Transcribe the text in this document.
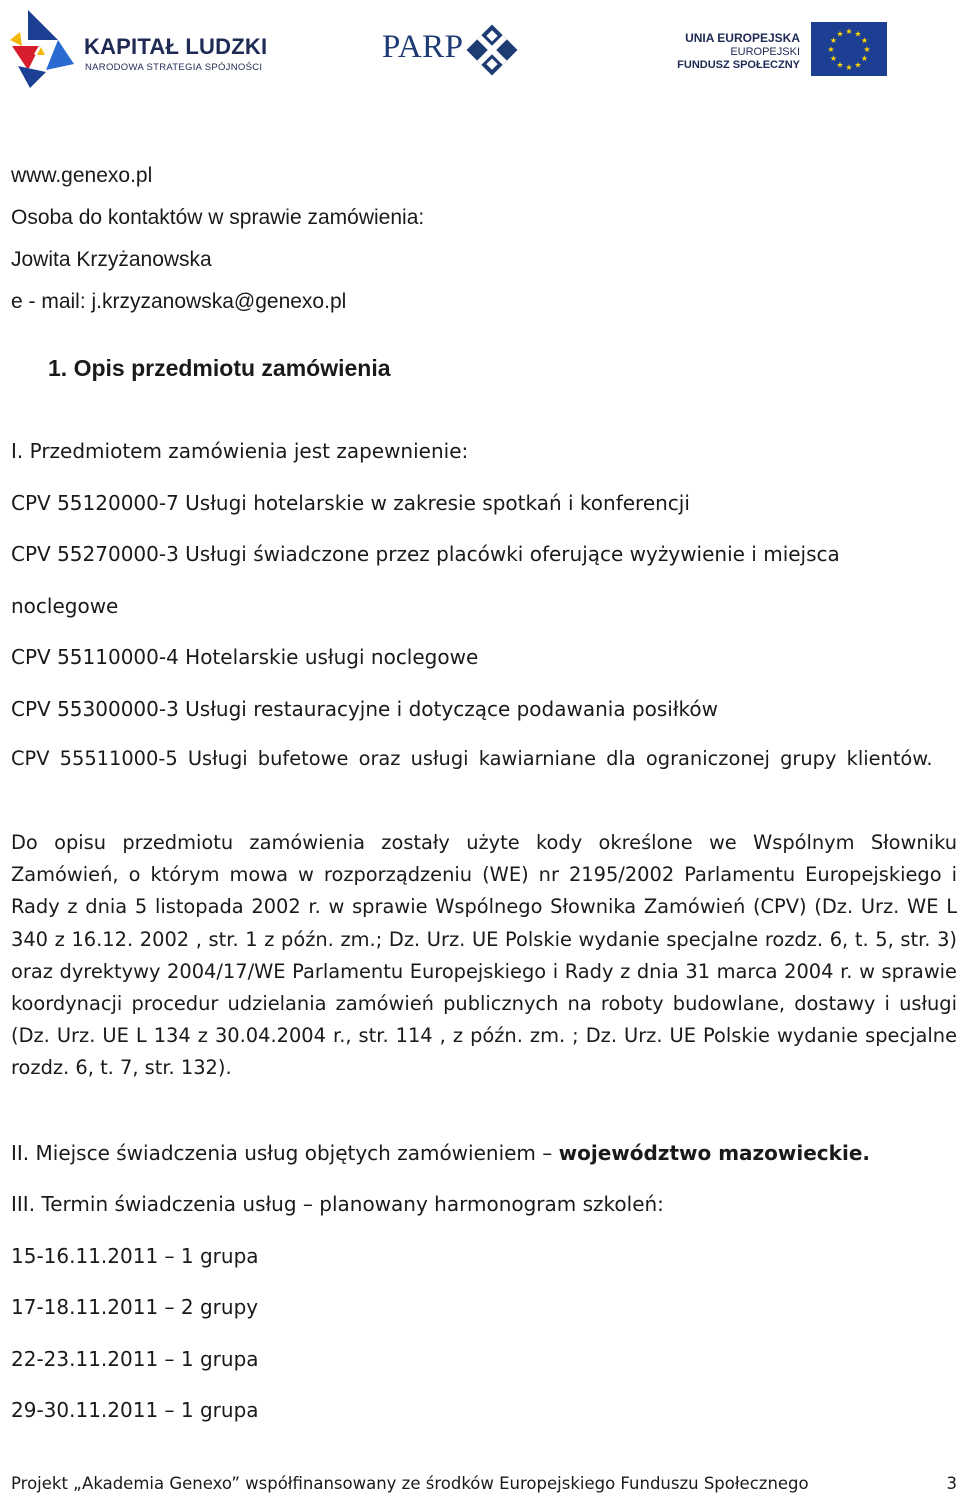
KAPITAŁ LUDZKI
NARODOWA STRATEGIA SPÓJNOŚCI
PARP	UNIA EUROPEJSKA
EUROPEJSKI
FUNDUSZ SPOŁECZNY
★ ★
★
★
★
★
★
★
★
★
★
★
www.genexo.pl
Osoba do kontaktów w sprawie zamówienia:
Jowita Krzyżanowska
e - mail: j.krzyzanowska@genexo.pl
1. Opis przedmiotu zamówienia
I. Przedmiotem zamówienia jest zapewnienie:
CPV 55120000-7 Usługi hotelarskie w zakresie spotkań i konferencji
CPV 55270000-3 Usługi świadczone przez placówki oferujące wyżywienie i miejsca
noclegowe
CPV 55110000-4 Hotelarskie usługi noclegowe
CPV 55300000-3 Usługi restauracyjne i dotyczące podawania posiłków
CPV 55511000-5 Usługi bufetowe oraz usługi kawiarniane dla ograniczonej grupy klientów.
Do opisu przedmiotu zamówienia zostały użyte kody określone we Wspólnym Słowniku Zamówień, o którym mowa w rozporządzeniu (WE) nr 2195/2002 Parlamentu Europejskiego i Rady z dnia 5 listopada 2002 r. w sprawie Wspólnego Słownika Zamówień (CPV) (Dz. Urz. WE L 340 z 16.12. 2002 , str. 1 z późn. zm.; Dz. Urz. UE Polskie wydanie specjalne rozdz. 6, t. 5, str. 3) oraz dyrektywy 2004/17/WE Parlamentu Europejskiego i Rady z dnia 31 marca 2004 r. w sprawie koordynacji procedur udzielania zamówień publicznych na roboty budowlane, dostawy i usługi (Dz. Urz. UE L 134 z 30.04.2004 r., str. 114 , z późn. zm. ; Dz. Urz. UE Polskie wydanie specjalne rozdz. 6, t. 7, str. 132).
II. Miejsce świadczenia usług objętych zamówieniem – województwo mazowieckie.
III. Termin świadczenia usług – planowany harmonogram szkoleń:
15-16.11.2011 – 1 grupa
17-18.11.2011 – 2 grupy
22-23.11.2011 – 1 grupa
29-30.11.2011 – 1 grupa
Projekt „Akademia Genexo” współfinansowany ze środków Europejskiego Funduszu Społecznego	3
